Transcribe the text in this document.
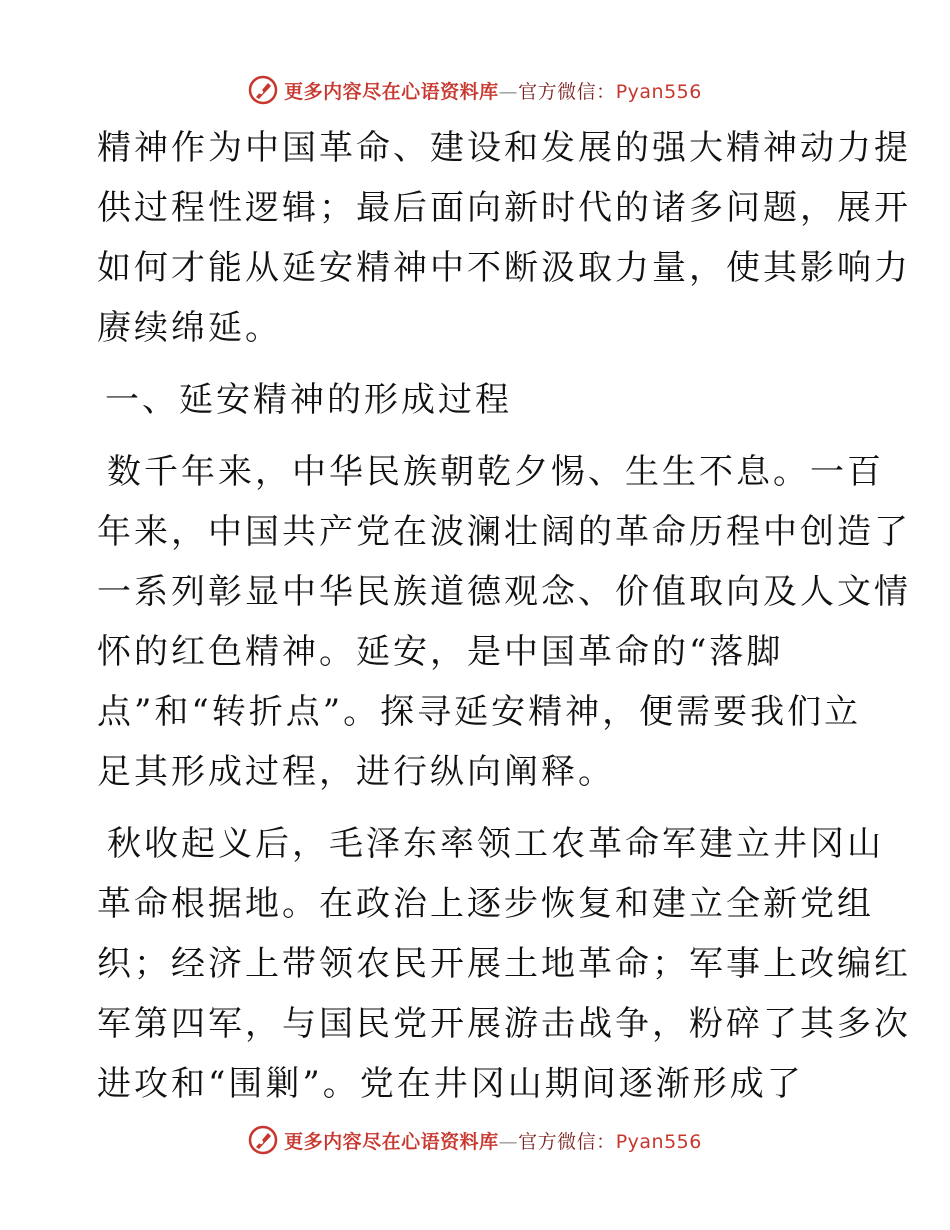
更多内容尽在心语资料库—官方微信：Pyan556

精神作为中国革命、建设和发展的强大精神动力提
供过程性逻辑；最后面向新时代的诸多问题，展开
如何才能从延安精神中不断汲取力量，使其影响力
赓续绵延。

一、延安精神的形成过程

数千年来，中华民族朝乾夕惕、生生不息。一百
年来，中国共产党在波澜壮阔的革命历程中创造了
一系列彰显中华民族道德观念、价值取向及人文情
怀的红色精神。延安，是中国革命的“落脚
点”和“转折点”。探寻延安精神，便需要我们立
足其形成过程，进行纵向阐释。

秋收起义后，毛泽东率领工农革命军建立井冈山
革命根据地。在政治上逐步恢复和建立全新党组
织；经济上带领农民开展土地革命；军事上改编红
军第四军，与国民党开展游击战争，粉碎了其多次
进攻和“围剿”。党在井冈山期间逐渐形成了

更多内容尽在心语资料库—官方微信：Pyan556
